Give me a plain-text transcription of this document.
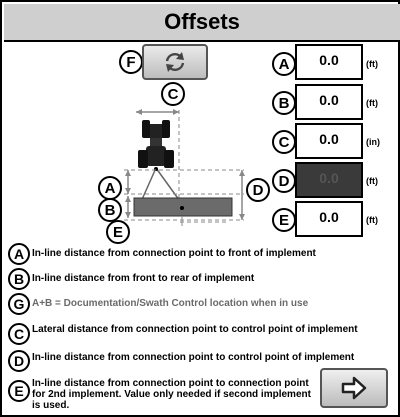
Offsets
F
C
A
B
D
E
A	0.0	(ft)
B	0.0	(ft)
C	0.0	(in)
D	0.0	(ft)
E	0.0	(ft)
A In-line distance from connection point to front of implement
B In-line distance from front to rear of implement
G A+B = Documentation/Swath Control location when in use
C Lateral distance from connection point to control point of implement
D In-line distance from connection point to control point of implement
E In-line distance from connection point to connection point for 2nd implement. Value only needed if second implement is used.
